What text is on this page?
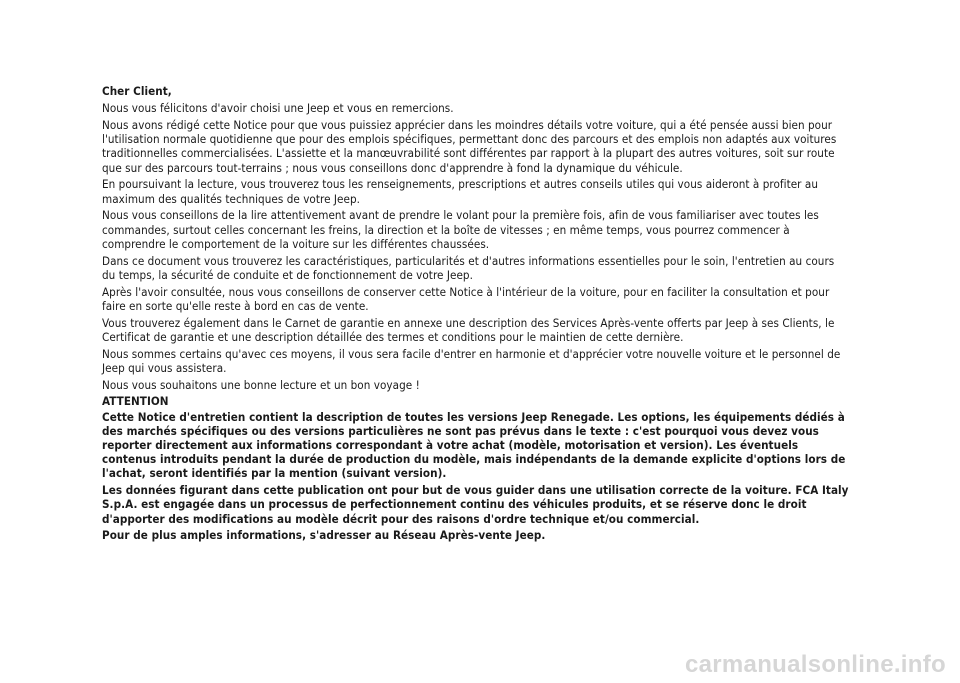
Cher Client,

Nous vous félicitons d'avoir choisi une Jeep et vous en remercions.

Nous avons rédigé cette Notice pour que vous puissiez apprécier dans les moindres détails votre voiture, qui a été pensée aussi bien pour l'utilisation normale quotidienne que pour des emplois spécifiques, permettant donc des parcours et des emplois non adaptés aux voitures traditionnelles commercialisées. L'assiette et la manœuvrabilité sont différentes par rapport à la plupart des autres voitures, soit sur route que sur des parcours tout-terrains ; nous vous conseillons donc d'apprendre à fond la dynamique du véhicule.

En poursuivant la lecture, vous trouverez tous les renseignements, prescriptions et autres conseils utiles qui vous aideront à profiter au maximum des qualités techniques de votre Jeep.

Nous vous conseillons de la lire attentivement avant de prendre le volant pour la première fois, afin de vous familiariser avec toutes les commandes, surtout celles concernant les freins, la direction et la boîte de vitesses ; en même temps, vous pourrez commencer à comprendre le comportement de la voiture sur les différentes chaussées.

Dans ce document vous trouverez les caractéristiques, particularités et d'autres informations essentielles pour le soin, l'entretien au cours du temps, la sécurité de conduite et de fonctionnement de votre Jeep.

Après l'avoir consultée, nous vous conseillons de conserver cette Notice à l'intérieur de la voiture, pour en faciliter la consultation et pour faire en sorte qu'elle reste à bord en cas de vente.

Vous trouverez également dans le Carnet de garantie en annexe une description des Services Après-vente offerts par Jeep à ses Clients, le Certificat de garantie et une description détaillée des termes et conditions pour le maintien de cette dernière.

Nous sommes certains qu'avec ces moyens, il vous sera facile d'entrer en harmonie et d'apprécier votre nouvelle voiture et le personnel de Jeep qui vous assistera.

Nous vous souhaitons une bonne lecture et un bon voyage !

ATTENTION

Cette Notice d'entretien contient la description de toutes les versions Jeep Renegade. Les options, les équipements dédiés à des marchés spécifiques ou des versions particulières ne sont pas prévus dans le texte : c'est pourquoi vous devez vous reporter directement aux informations correspondant à votre achat (modèle, motorisation et version). Les éventuels contenus introduits pendant la durée de production du modèle, mais indépendants de la demande explicite d'options lors de l'achat, seront identifiés par la mention (suivant version).

Les données figurant dans cette publication ont pour but de vous guider dans une utilisation correcte de la voiture. FCA Italy S.p.A. est engagée dans un processus de perfectionnement continu des véhicules produits, et se réserve donc le droit d'apporter des modifications au modèle décrit pour des raisons d'ordre technique et/ou commercial.

Pour de plus amples informations, s'adresser au Réseau Après-vente Jeep.

carmanualsonline.info
